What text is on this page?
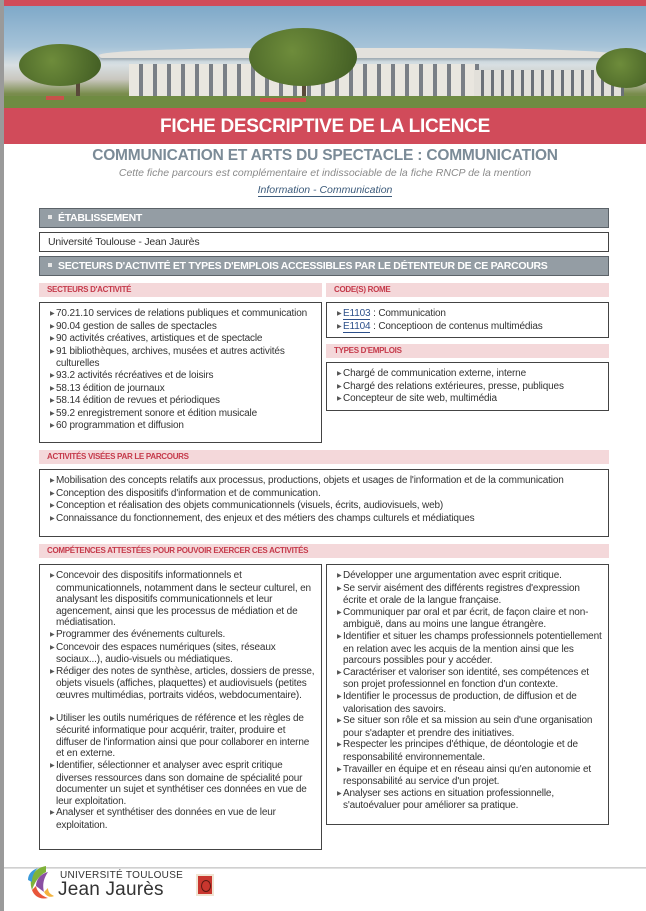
FICHE DESCRIPTIVE DE LA LICENCE
COMMUNICATION ET ARTS DU SPECTACLE : COMMUNICATION
Cette fiche parcours est complémentaire et indissociable de la fiche RNCP de la mention
Information - Communication
ÉTABLISSEMENT
Université Toulouse - Jean Jaurès
SECTEURS D'ACTIVITÉ ET TYPES D'EMPLOIS ACCESSIBLES PAR LE DÉTENTEUR DE CE PARCOURS
SECTEURS D'ACTIVITÉ
▶ 70.21.10 services de relations publiques et communication
▶ 90.04 gestion de salles de spectacles
▶ 90 activités créatives, artistiques et de spectacle
▶ 91 bibliothèques, archives, musées et autres activités culturelles
▶ 93.2 activités récréatives et de loisirs
▶ 58.13 édition de journaux
▶ 58.14 édition de revues et périodiques
▶ 59.2 enregistrement sonore et édition musicale
▶ 60 programmation et diffusion
CODE(S) ROME
▶ E1103 : Communication
▶ E1104 : Conceptioon de contenus multimédias
TYPES D'EMPLOIS
▶ Chargé de communication externe, interne
▶ Chargé des relations extérieures, presse, publiques
▶ Concepteur de site web, multimédia
ACTIVITÉS VISÉES PAR LE PARCOURS
▶ Mobilisation des concepts relatifs aux processus, productions, objets et usages de l'information et de la communication
▶ Conception des dispositifs d'information et de communication.
▶ Conception et réalisation des objets communicationnels (visuels, écrits, audiovisuels, web)
▶ Connaissance du fonctionnement, des enjeux et des métiers des champs culturels et médiatiques
COMPÉTENCES ATTESTÉES POUR POUVOIR EXERCER CES ACTIVITÉS
▶ Concevoir des dispositifs informationnels et communicationnels, notamment dans le secteur culturel, en analysant les dispositifs communicationnels et leur agencement, ainsi que les processus de médiation et de médiatisation.
▶ Programmer des événements culturels.
▶ Concevoir des espaces numériques (sites, réseaux sociaux...), audio-visuels ou médiatiques.
▶ Rédiger des notes de synthèse, articles, dossiers de presse, objets visuels (affiches, plaquettes) et audiovisuels (petites œuvres multimédias, portraits vidéos, webdocumentaire).
▶ Utiliser les outils numériques de référence et les règles de sécurité informatique pour acquérir, traiter, produire et diffuser de l'information ainsi que pour collaborer en interne et en externe.
▶ Identifier, sélectionner et analyser avec esprit critique diverses ressources dans son domaine de spécialité pour documenter un sujet et synthétiser ces données en vue de leur exploitation.
▶ Analyser et synthétiser des données en vue de leur exploitation.
▶ Développer une argumentation avec esprit critique.
▶ Se servir aisément des différents registres d'expression écrite et orale de la langue française.
▶ Communiquer par oral et par écrit, de façon claire et non-ambiguë, dans au moins une langue étrangère.
▶ Identifier et situer les champs professionnels potentiellement en relation avec les acquis de la mention ainsi que les parcours possibles pour y accéder.
▶ Caractériser et valoriser son identité, ses compétences et son projet professionnel en fonction d'un contexte.
▶ Identifier le processus de production, de diffusion et de valorisation des savoirs.
▶ Se situer son rôle et sa mission au sein d'une organisation pour s'adapter et prendre des initiatives.
▶ Respecter les principes d'éthique, de déontologie et de responsabilité environnementale.
▶ Travailler en équipe et en réseau ainsi qu'en autonomie et responsabilité au service d'un projet.
▶ Analyser ses actions en situation professionnelle, s'autoévaluer pour améliorer sa pratique.
UNIVERSITÉ TOULOUSE
Jean Jaurès
